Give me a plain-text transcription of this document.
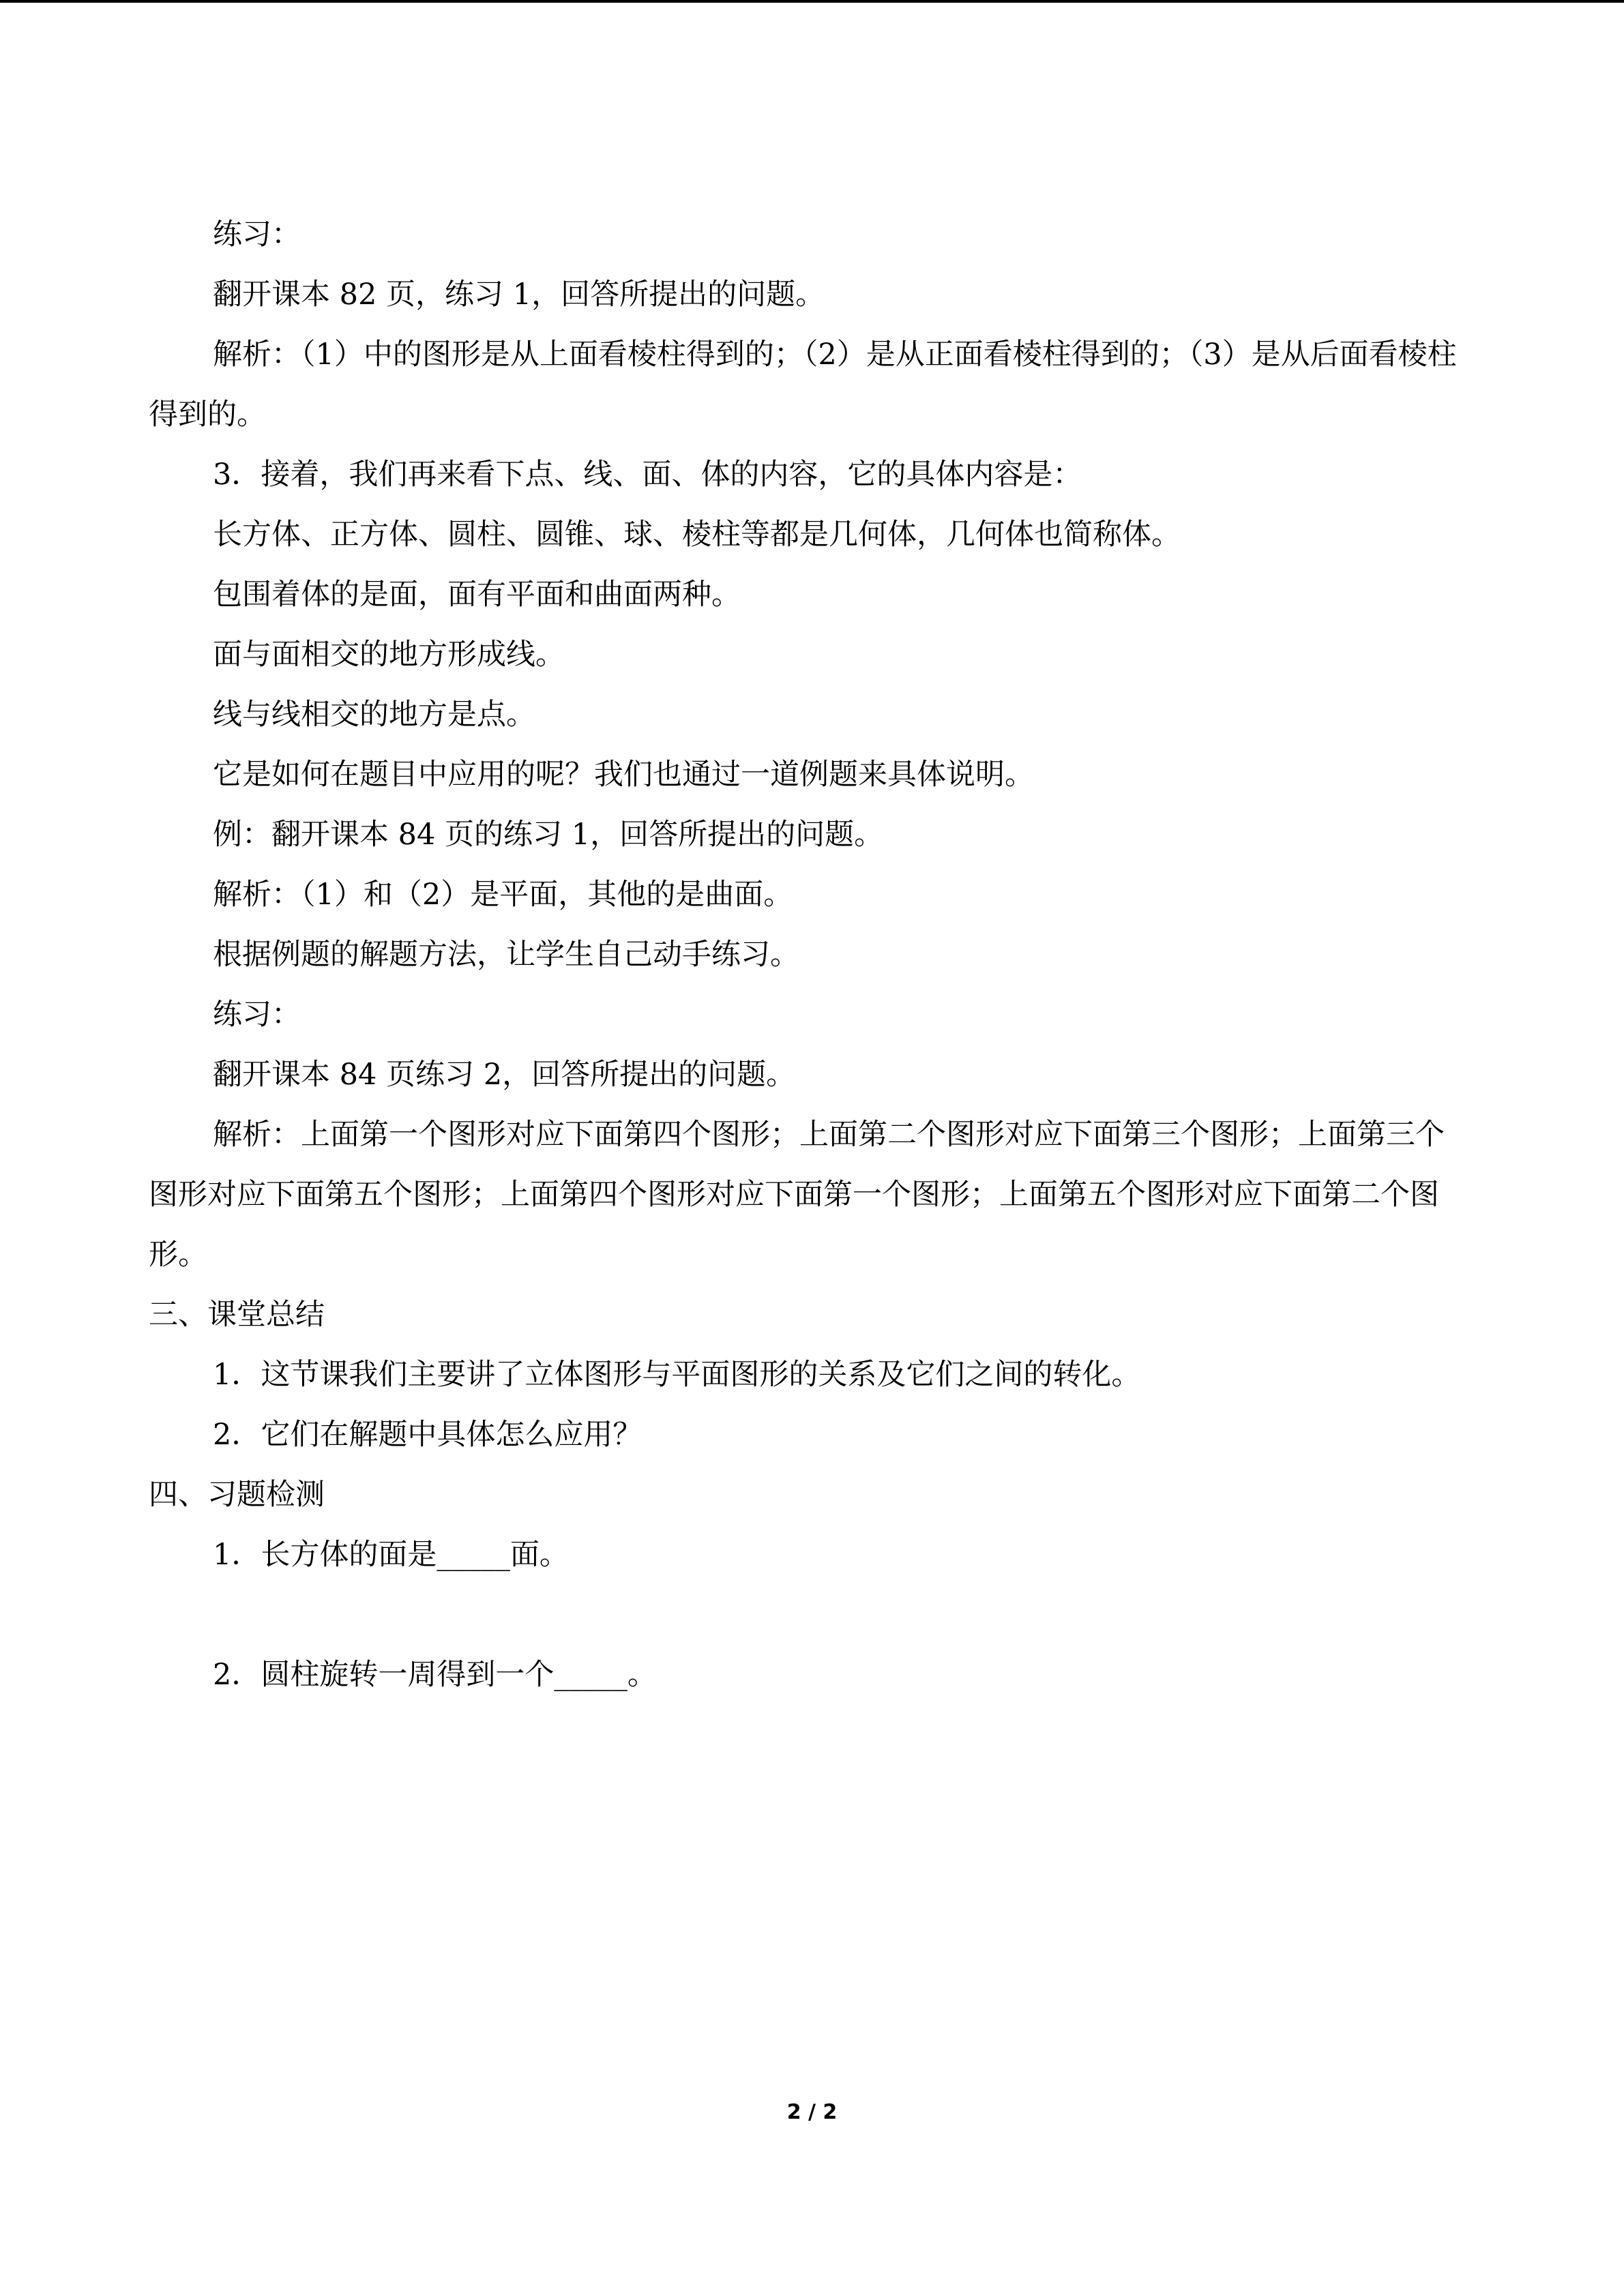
练习：

翻开课本 82 页，练习 1，回答所提出的问题。

解析：（1）中的图形是从上面看棱柱得到的；（2）是从正面看棱柱得到的；（3）是从后面看棱柱得到的。

3．接着，我们再来看下点、线、面、体的内容，它的具体内容是：

长方体、正方体、圆柱、圆锥、球、棱柱等都是几何体，几何体也简称体。

包围着体的是面，面有平面和曲面两种。

面与面相交的地方形成线。

线与线相交的地方是点。

它是如何在题目中应用的呢？我们也通过一道例题来具体说明。

例：翻开课本 84 页的练习 1，回答所提出的问题。

解析：（1）和（2）是平面，其他的是曲面。

根据例题的解题方法，让学生自己动手练习。

练习：

翻开课本 84 页练习 2，回答所提出的问题。

解析：上面第一个图形对应下面第四个图形；上面第二个图形对应下面第三个图形；上面第三个图形对应下面第五个图形；上面第四个图形对应下面第一个图形；上面第五个图形对应下面第二个图形。

三、课堂总结

1．这节课我们主要讲了立体图形与平面图形的关系及它们之间的转化。

2．它们在解题中具体怎么应用？

四、习题检测

1．长方体的面是_____面。

2．圆柱旋转一周得到一个_____。

2 / 2
